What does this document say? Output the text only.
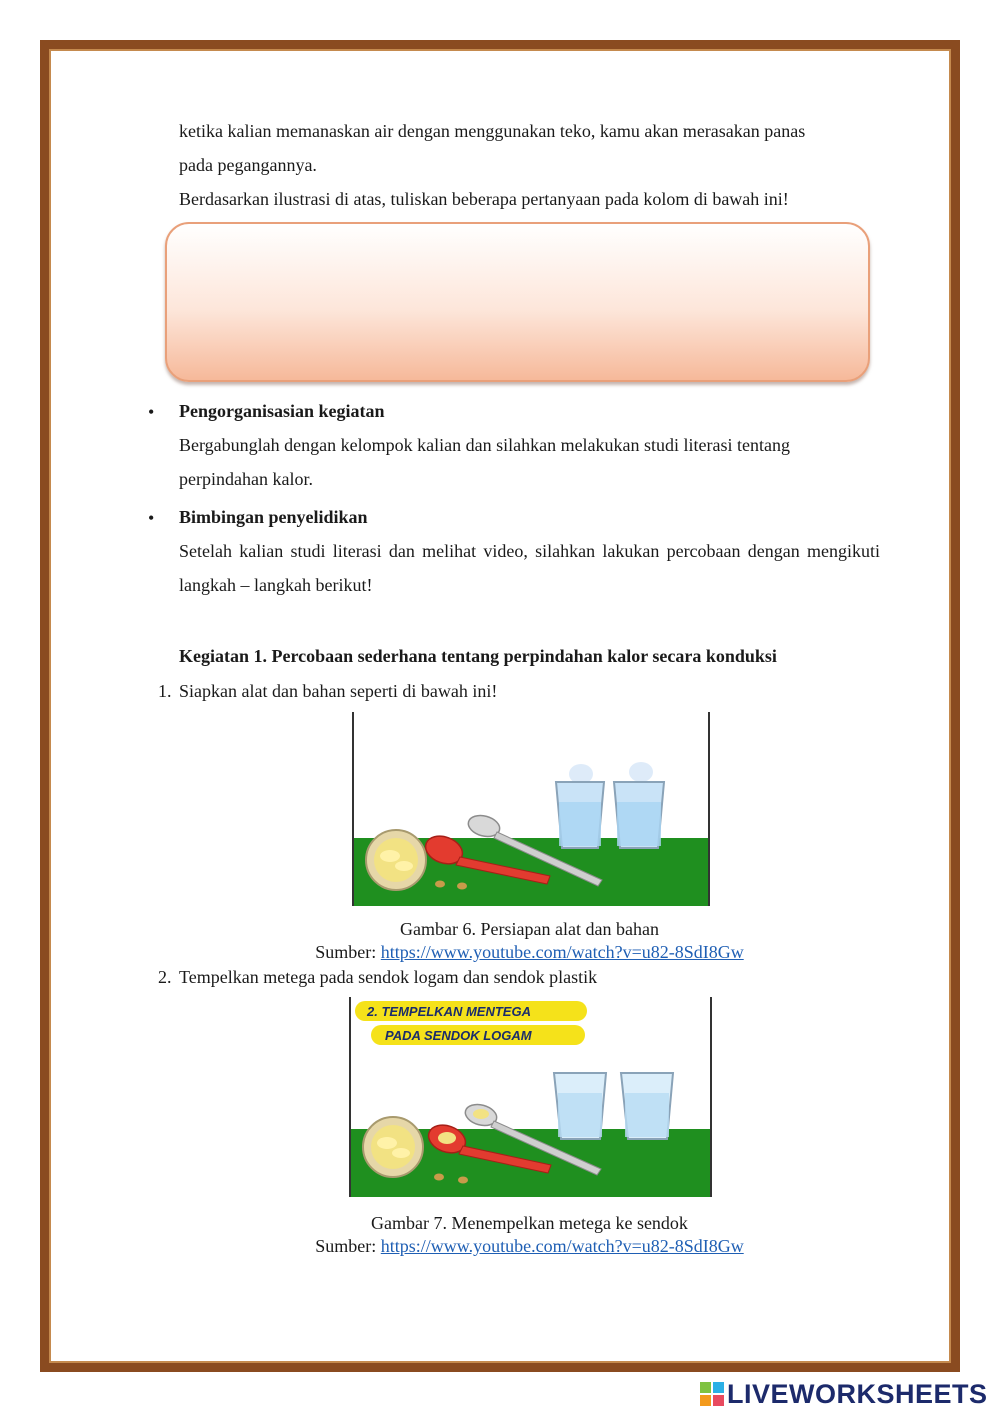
ketika kalian memanaskan air dengan menggunakan teko, kamu akan merasakan panas
pada pegangannya.
Berdasarkan ilustrasi di atas, tuliskan beberapa pertanyaan pada kolom di bawah ini!
• Pengorganisasian kegiatan
Bergabunglah dengan kelompok kalian dan silahkan melakukan studi literasi tentang perpindahan kalor.
• Bimbingan penyelidikan
Setelah kalian studi literasi dan melihat video, silahkan lakukan percobaan dengan mengikuti langkah – langkah berikut!
Kegiatan 1. Percobaan sederhana tentang perpindahan kalor secara konduksi
1. Siapkan alat dan bahan seperti di bawah ini!
Gambar 6. Persiapan alat dan bahan
Sumber: https://www.youtube.com/watch?v=u82-8SdI8Gw
2. Tempelkan metega pada sendok logam dan sendok plastik
2. TEMPELKAN MENTEGA
PADA SENDOK LOGAM
Gambar 7. Menempelkan metega ke sendok
Sumber: https://www.youtube.com/watch?v=u82-8SdI8Gw
LIVEWORKSHEETS
